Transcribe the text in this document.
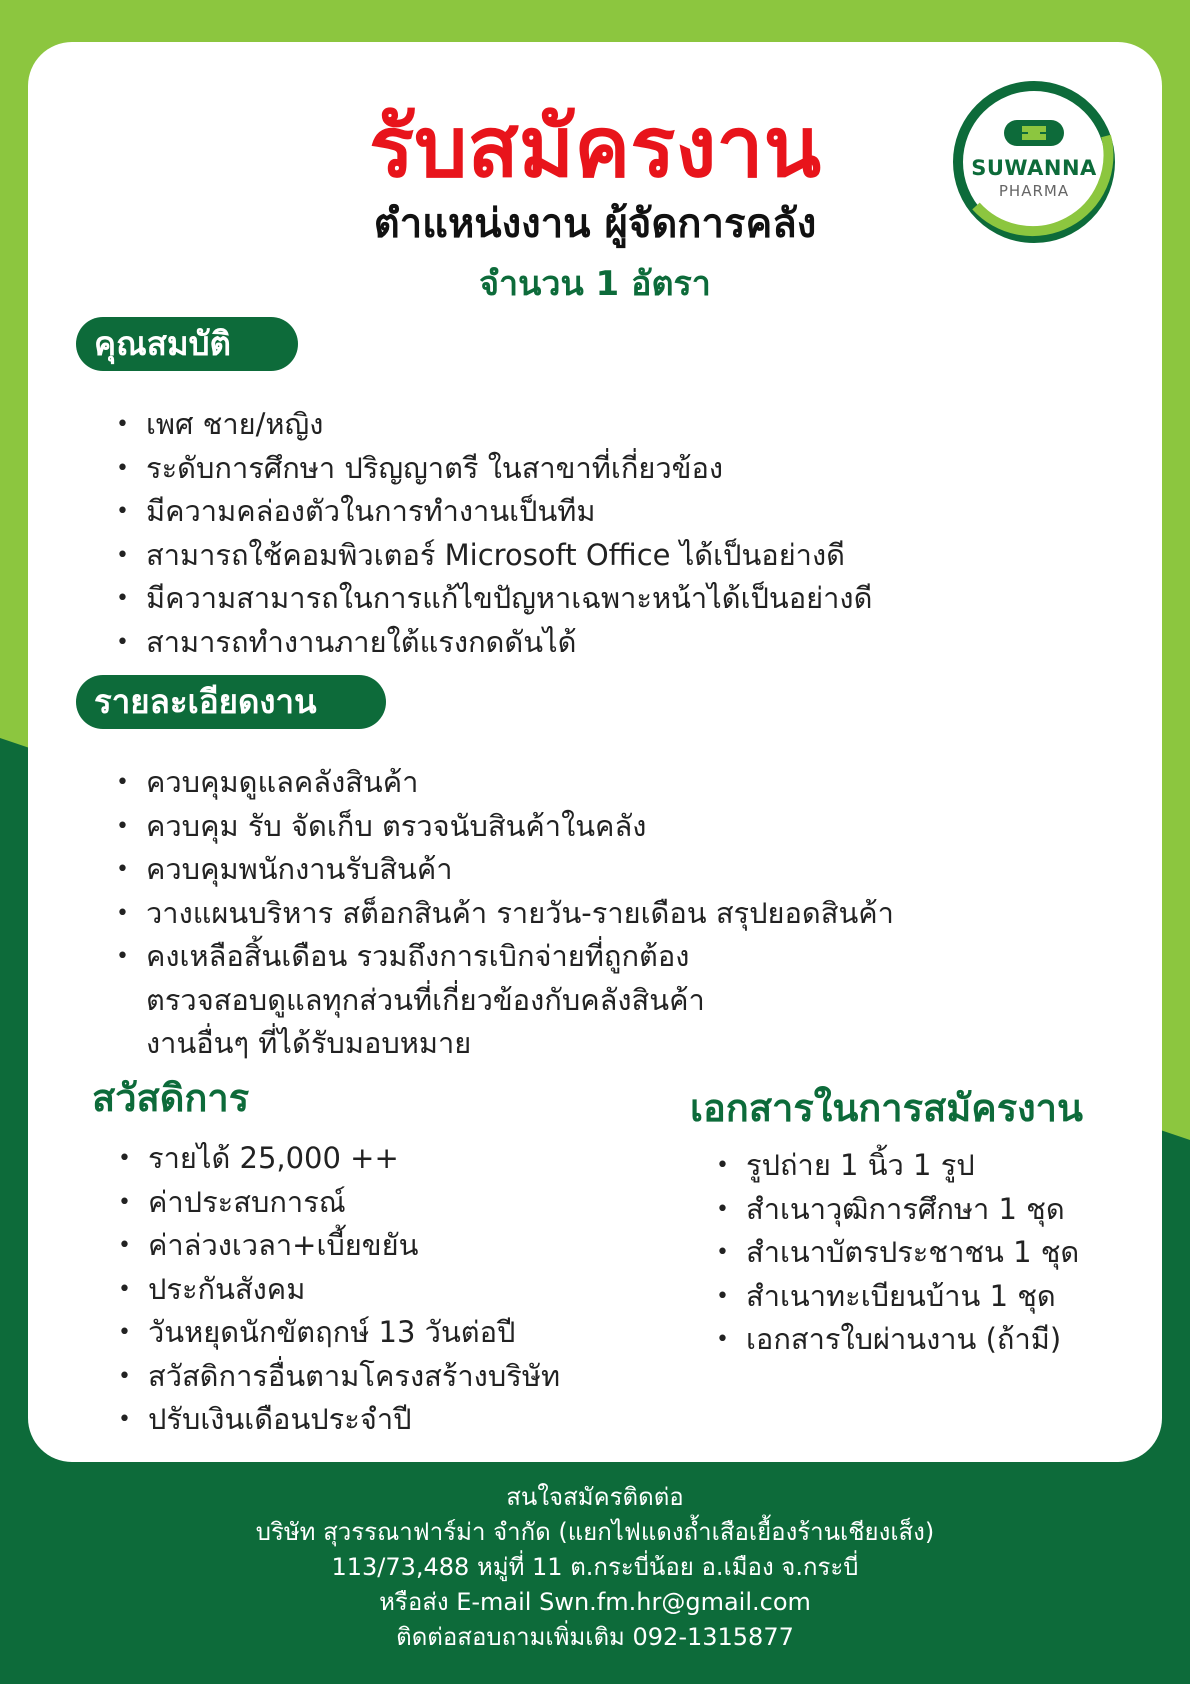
รับสมัครงาน
ตำแหน่งงาน ผู้จัดการคลัง
จำนวน 1 อัตรา
SUWANNA
PHARMA
คุณสมบัติ
• เพศ ชาย/หญิง
• ระดับการศึกษา ปริญญาตรี ในสาขาที่เกี่ยวข้อง
• มีความคล่องตัวในการทำงานเป็นทีม
• สามารถใช้คอมพิวเตอร์ Microsoft Office ได้เป็นอย่างดี
• มีความสามารถในการแก้ไขปัญหาเฉพาะหน้าได้เป็นอย่างดี
• สามารถทำงานภายใต้แรงกดดันได้
รายละเอียดงาน
• ควบคุมดูแลคลังสินค้า
• ควบคุม รับ จัดเก็บ ตรวจนับสินค้าในคลัง
• ควบคุมพนักงานรับสินค้า
• วางแผนบริหาร สต็อกสินค้า รายวัน-รายเดือน สรุปยอดสินค้า
• คงเหลือสิ้นเดือน รวมถึงการเบิกจ่ายที่ถูกต้อง
ตรวจสอบดูแลทุกส่วนที่เกี่ยวข้องกับคลังสินค้า
งานอื่นๆ ที่ได้รับมอบหมาย
สวัสดิการ
• รายได้ 25,000 ++
• ค่าประสบการณ์
• ค่าล่วงเวลา+เบี้ยขยัน
• ประกันสังคม
• วันหยุดนักขัตฤกษ์ 13 วันต่อปี
• สวัสดิการอื่นตามโครงสร้างบริษัท
• ปรับเงินเดือนประจำปี
เอกสารในการสมัครงาน
• รูปถ่าย 1 นิ้ว 1 รูป
• สำเนาวุฒิการศึกษา 1 ชุด
• สำเนาบัตรประชาชน 1 ชุด
• สำเนาทะเบียนบ้าน 1 ชุด
• เอกสารใบผ่านงาน (ถ้ามี)
สนใจสมัครติดต่อ
บริษัท สุวรรณาฟาร์ม่า จำกัด (แยกไฟแดงถ้ำเสือเยื้องร้านเชียงเส็ง)
113/73,488 หมู่ที่ 11 ต.กระบี่น้อย อ.เมือง จ.กระบี่
หรือส่ง E-mail Swn.fm.hr@gmail.com
ติดต่อสอบถามเพิ่มเติม 092-1315877
